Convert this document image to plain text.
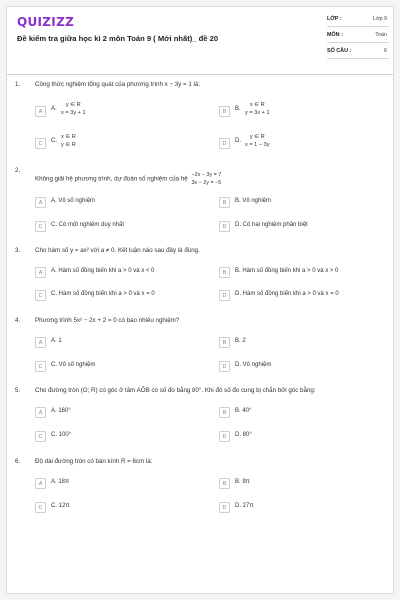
QUIZIZZ
Đề kiểm tra giữa học kì 2 môn Toán 9 ( Mới nhất)_ đề 20
LỚP :	Lớp 9
MÔN :	Toán
SỐ CÂU :	6
1. Công thức nghiệm tổng quát của phương trình x − 3y = 1 là:
A	A.
y ∈ R
x = 3y + 1	B	B.
x ∈ R
y = 3x + 1
C	C.
x ∈ R
y ∈ R	D	D.
y ∈ R
x = 1 − 3y
2.
Không giải hệ phương trình, dự đoán số nghiệm của hệ
−2x − 3y = 7
3x − 2y = −5
A	A. Vô số nghiệm	B	B. Vô nghiệm
C	C. Có một nghiệm duy nhất	D	D. Có hai nghiệm phân biệt
3. Cho hàm số y = ax² với a ≠ 0. Kết luận nào sau đây là đúng.
A	A. Hàm số đồng biến khi a > 0 và x < 0	B	B. Hàm số đồng biến khi a > 0 và x > 0
C	C. Hàm số đồng biến khi a > 0 và x = 0	D	D. Hàm số đồng biến khi a > 0 và x = 0
4. Phương trình 5x² − 2x + 2 = 0 có bao nhiêu nghiệm?
A	A. 1	B	B. 2
C	C. Vô số nghiệm	D	D. Vô nghiệm
5. Cho đường tròn (O; R) có góc ở tâm AÔB có số đo bằng 80°. Khi đó số đo cung bị chắn bởi góc bằng:
A	A. 160°	B	B. 40°
C	C. 100°	D	D. 80°
6. Độ dài đường tròn có bán kính R = 6cm là:
A	A. 18π	B	B. 9π
C	C. 12π	D	D. 27π
